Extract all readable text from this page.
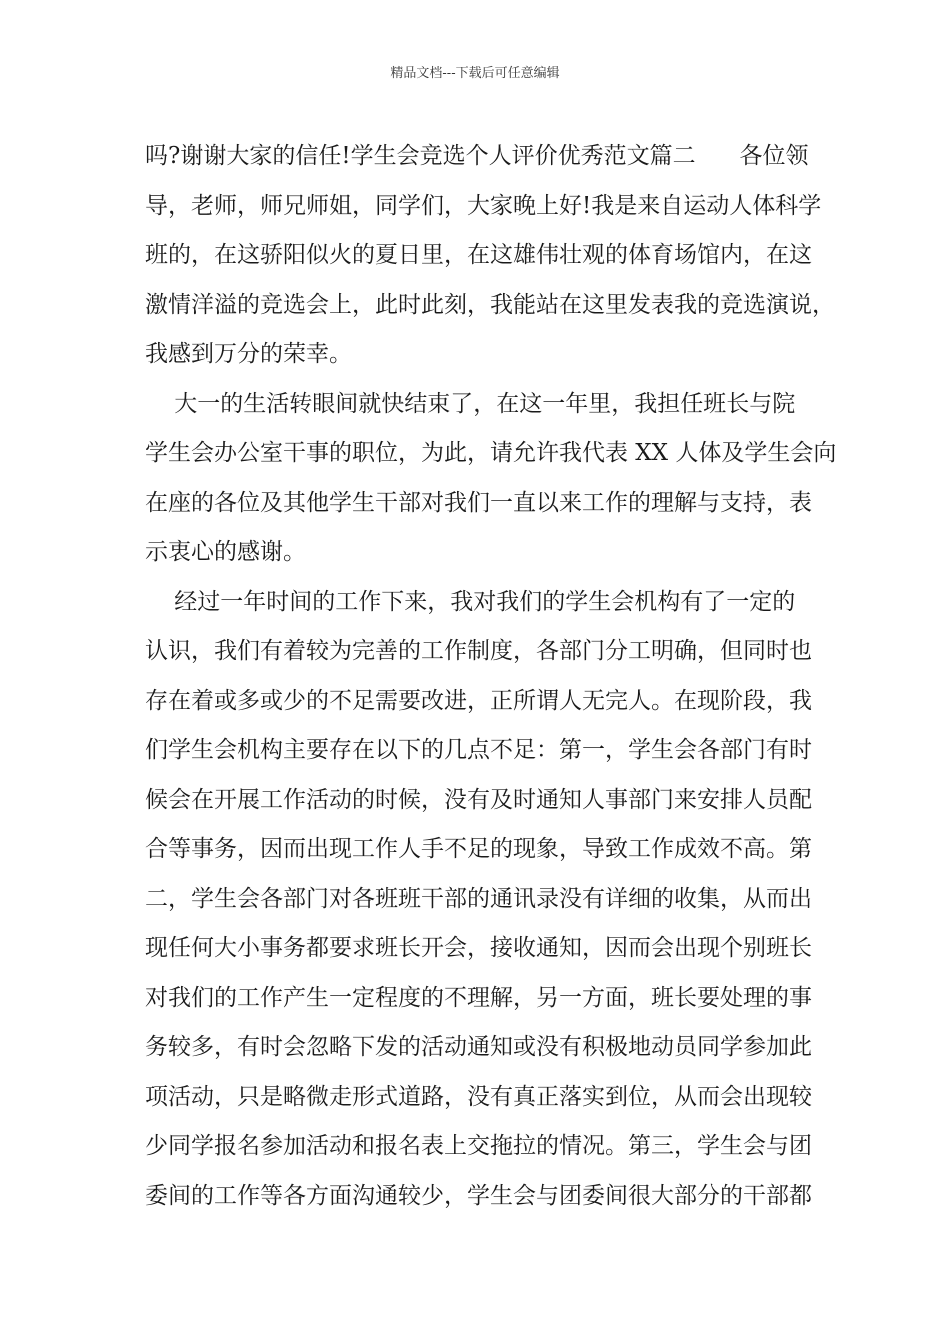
精品文档---下载后可任意编辑
吗?谢谢大家的信任!学生会竞选个人评价优秀范文篇二      各位领
导，老师，师兄师姐，同学们，大家晚上好!我是来自运动人体科学
班的，在这骄阳似火的夏日里，在这雄伟壮观的体育场馆内，在这
激情洋溢的竞选会上，此时此刻，我能站在这里发表我的竞选演说，
我感到万分的荣幸。
大一的生活转眼间就快结束了，在这一年里，我担任班长与院
学生会办公室干事的职位，为此，请允许我代表 XX 人体及学生会向
在座的各位及其他学生干部对我们一直以来工作的理解与支持，表
示衷心的感谢。
经过一年时间的工作下来，我对我们的学生会机构有了一定的
认识，我们有着较为完善的工作制度，各部门分工明确，但同时也
存在着或多或少的不足需要改进，正所谓人无完人。在现阶段，我
们学生会机构主要存在以下的几点不足：第一，学生会各部门有时
候会在开展工作活动的时候，没有及时通知人事部门来安排人员配
合等事务，因而出现工作人手不足的现象，导致工作成效不高。第
二，学生会各部门对各班班干部的通讯录没有详细的收集，从而出
现任何大小事务都要求班长开会，接收通知，因而会出现个别班长
对我们的工作产生一定程度的不理解，另一方面，班长要处理的事
务较多，有时会忽略下发的活动通知或没有积极地动员同学参加此
项活动，只是略微走形式道路，没有真正落实到位，从而会出现较
少同学报名参加活动和报名表上交拖拉的情况。第三，学生会与团
委间的工作等各方面沟通较少，学生会与团委间很大部分的干部都
